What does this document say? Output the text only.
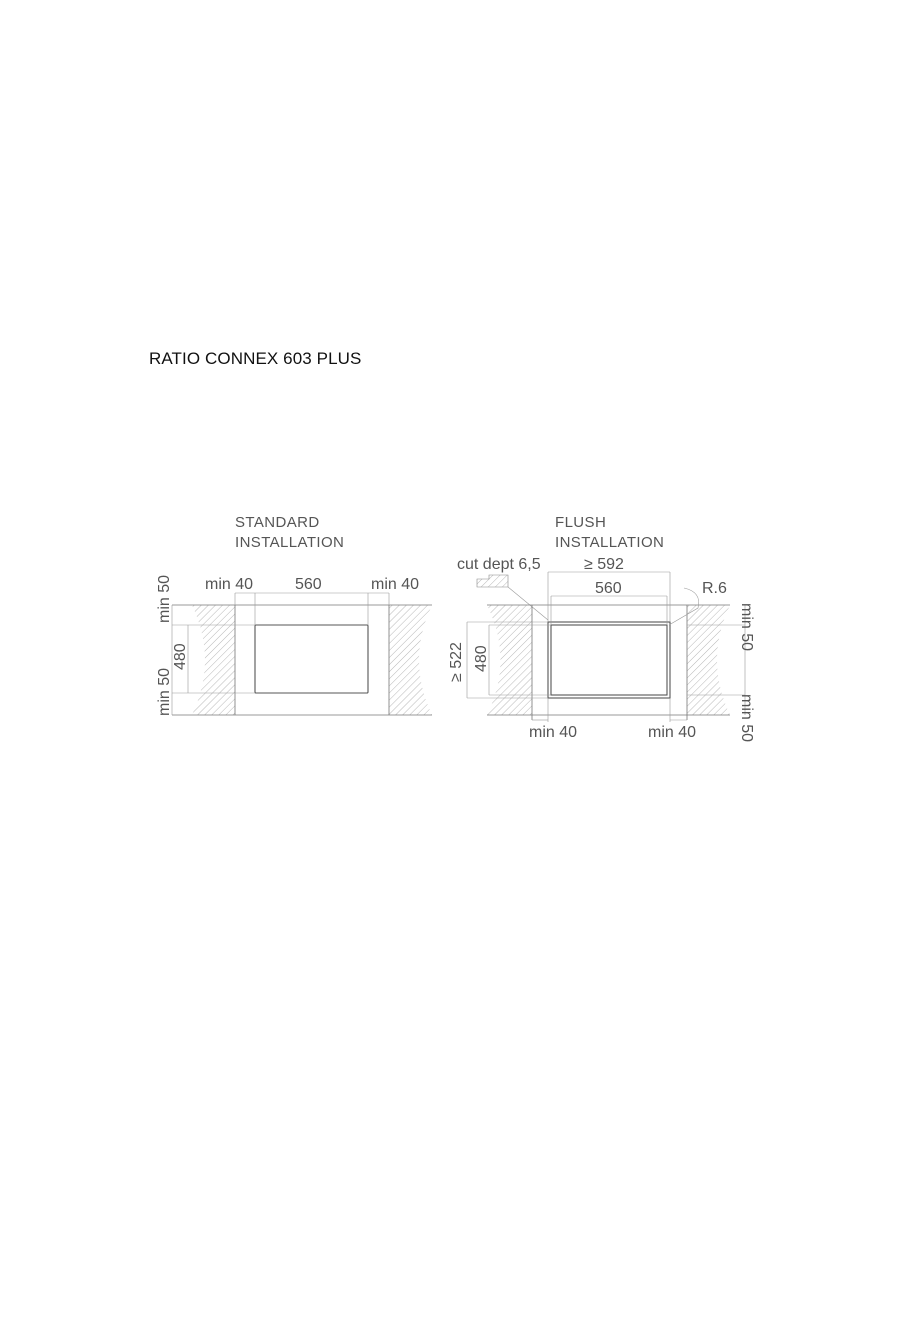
RATIO CONNEX 603 PLUS
STANDARD
INSTALLATION
FLUSH
INSTALLATION
min 40	560	min 40
min 50
480
min 50
cut dept 6,5	≥ 592
560	R.6
≥ 522 480
min 50
min 50
min 40	min 40
